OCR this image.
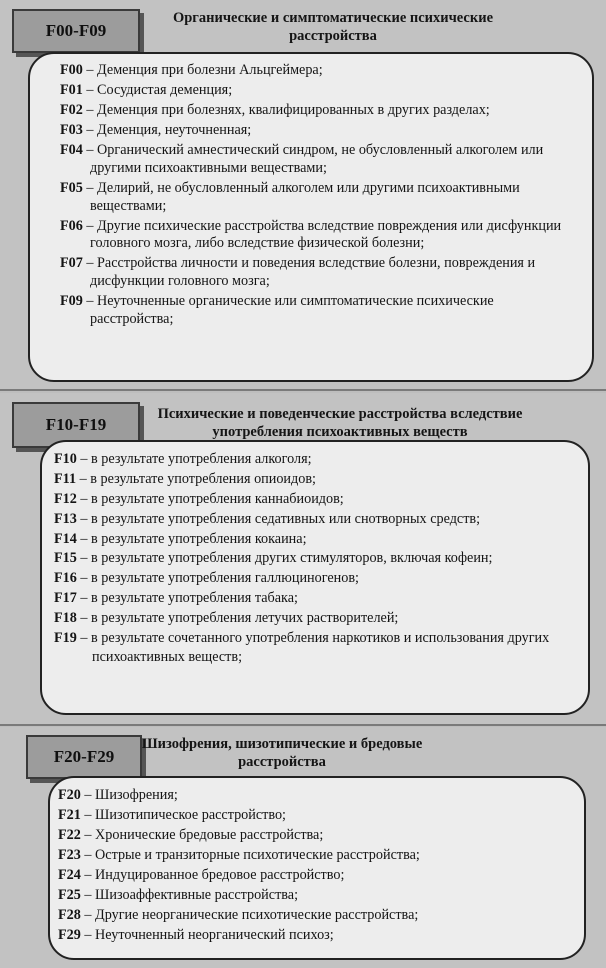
F00-F09
Органические и симптоматические психические расстройства
F00 – Деменция при болезни Альцгеймера;
F01 – Сосудистая деменция;
F02 – Деменция при болезнях, квалифицированных в других разделах;
F03 – Деменция, неуточненная;
F04 – Органический амнестический синдром, не обусловленный алкоголем или другими психоактивными веществами;
F05 – Делирий, не обусловленный алкоголем или другими психоактивными веществами;
F06 – Другие психические расстройства вследствие повреждения или дисфункции головного мозга, либо вследствие физической болезни;
F07 – Расстройства личности и поведения вследствие болезни, повреждения и дисфункции головного мозга;
F09 – Неуточненные органические или симптоматические психические расстройства;
F10-F19
Психические и поведенческие расстройства вследствие употребления психоактивных веществ
F10 – в результате употребления алкоголя;
F11 – в результате употребления опиоидов;
F12 – в результате употребления каннабиоидов;
F13 – в результате употребления седативных или снотворных средств;
F14 – в результате употребления кокаина;
F15 – в результате употребления других стимуляторов, включая кофеин;
F16 – в результате употребления галлюциногенов;
F17 – в результате употребления табака;
F18 – в результате употребления летучих растворителей;
F19 – в результате сочетанного употребления наркотиков и использования других психоактивных веществ;
F20-F29
Шизофрения, шизотипические и бредовые расстройства
F20 – Шизофрения;
F21 – Шизотипическое расстройство;
F22 – Хронические бредовые расстройства;
F23 – Острые и транзиторные психотические расстройства;
F24 – Индуцированное бредовое расстройство;
F25 – Шизоаффективные расстройства;
F28 – Другие неорганические психотические расстройства;
F29 – Неуточненный неорганический психоз;
